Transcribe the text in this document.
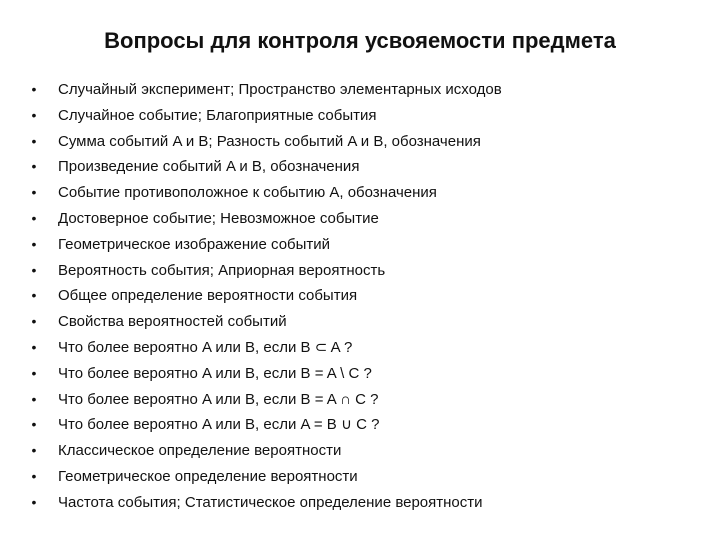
Вопросы для контроля усвояемости предмета
•	Случайный эксперимент; Пространство элементарных исходов
•	Случайное событие; Благоприятные события
•	Сумма событий A и B; Разность событий A и B, обозначения
•	Произведение событий A и B, обозначения
•	Событие противоположное к событию A, обозначения
•	Достоверное событие; Невозможное событие
•	Геометрическое изображение событий
•	Вероятность события; Априорная вероятность
•	Общее определение вероятности события
•	Свойства вероятностей событий
•	Что более вероятно A или B, если B ⊂ A ?
•	Что более вероятно A или B, если B = A \ C ?
•	Что более вероятно A или B, если B = A ∩ C ?
•	Что более вероятно A или B, если A = B ∪ C ?
•	Классическое определение вероятности
•	Геометрическое определение вероятности
•	Частота события; Статистическое определение вероятности
